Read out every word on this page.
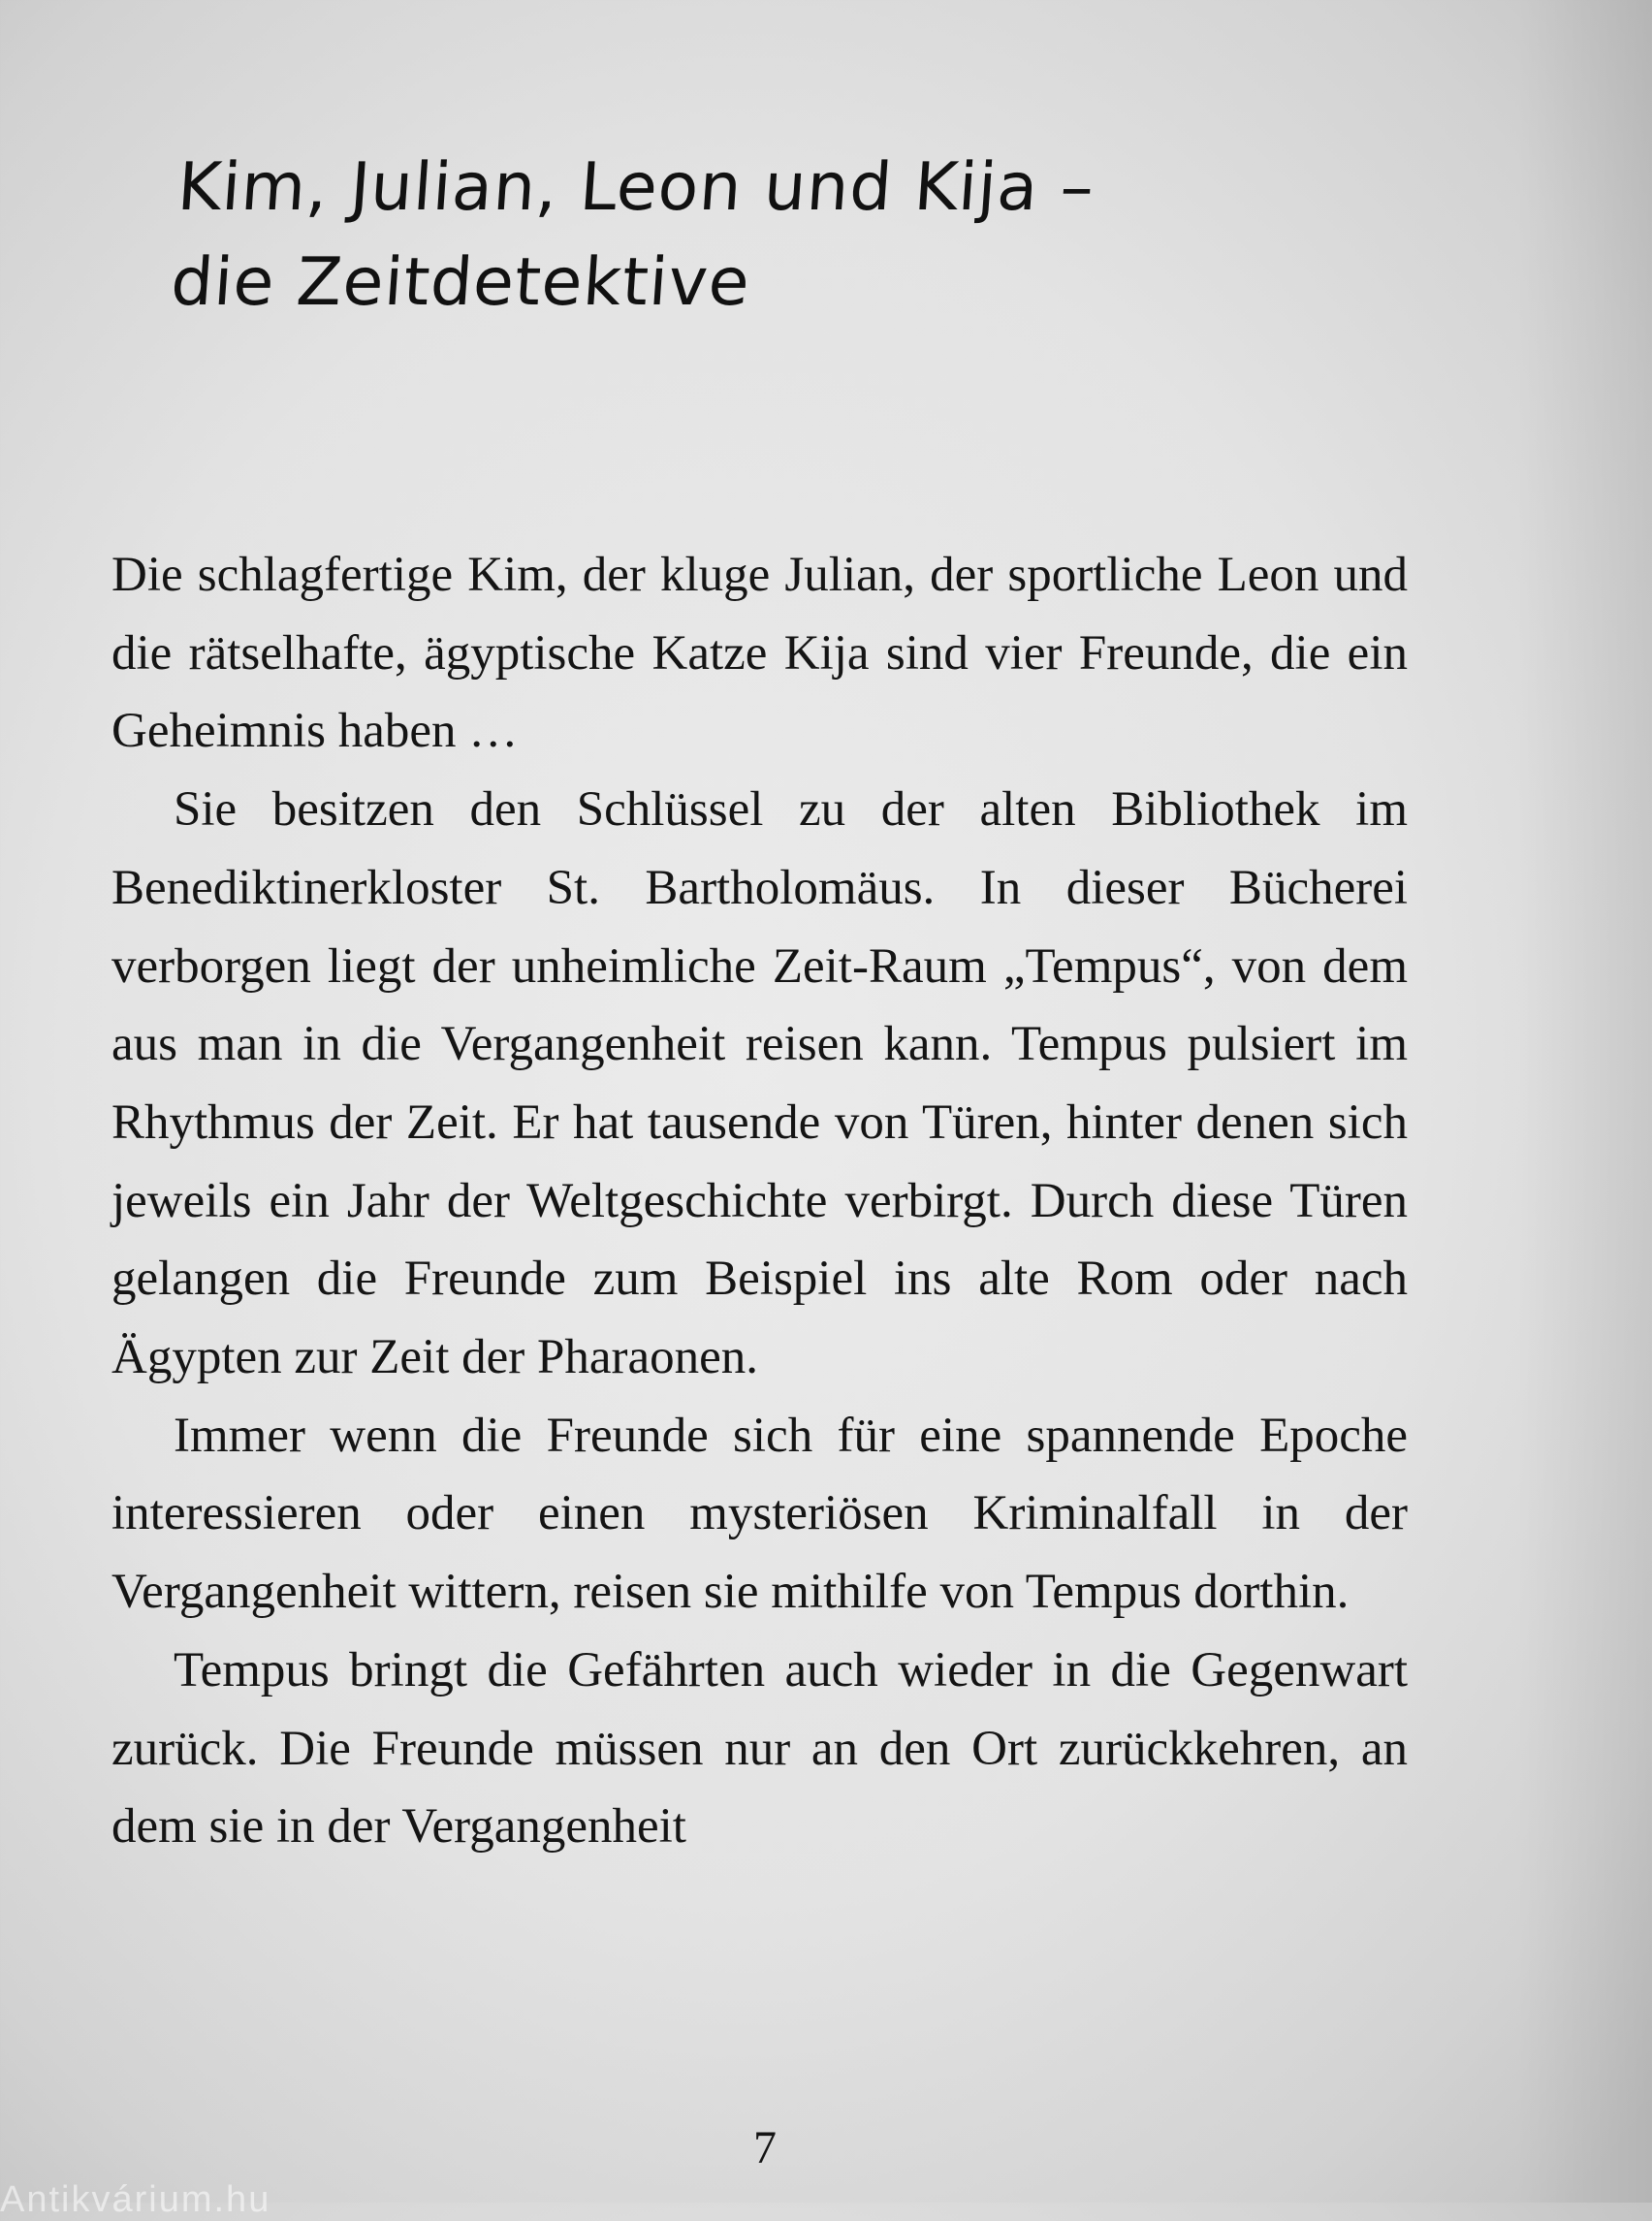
Kim, Julian, Leon und Kija –
die Zeitdetektive

Die schlagfertige Kim, der kluge Julian, der sportliche Leon und die rätselhafte, ägyptische Katze Kija sind vier Freunde, die ein Geheimnis haben …

Sie besitzen den Schlüssel zu der alten Bibliothek im Benediktinerkloster St. Bartholomäus. In dieser Bücherei verborgen liegt der unheimliche Zeit-Raum „Tempus“, von dem aus man in die Vergangenheit reisen kann. Tempus pulsiert im Rhythmus der Zeit. Er hat tausende von Türen, hinter denen sich jeweils ein Jahr der Weltgeschichte verbirgt. Durch diese Türen gelangen die Freunde zum Beispiel ins alte Rom oder nach Ägypten zur Zeit der Pharaonen.

Immer wenn die Freunde sich für eine spannende Epoche interessieren oder einen mysteriösen Kriminalfall in der Vergangenheit wittern, reisen sie mithilfe von Tempus dorthin.

Tempus bringt die Gefährten auch wieder in die Gegenwart zurück. Die Freunde müssen nur an den Ort zurückkehren, an dem sie in der Vergangenheit

7
Antikvárium.hu
